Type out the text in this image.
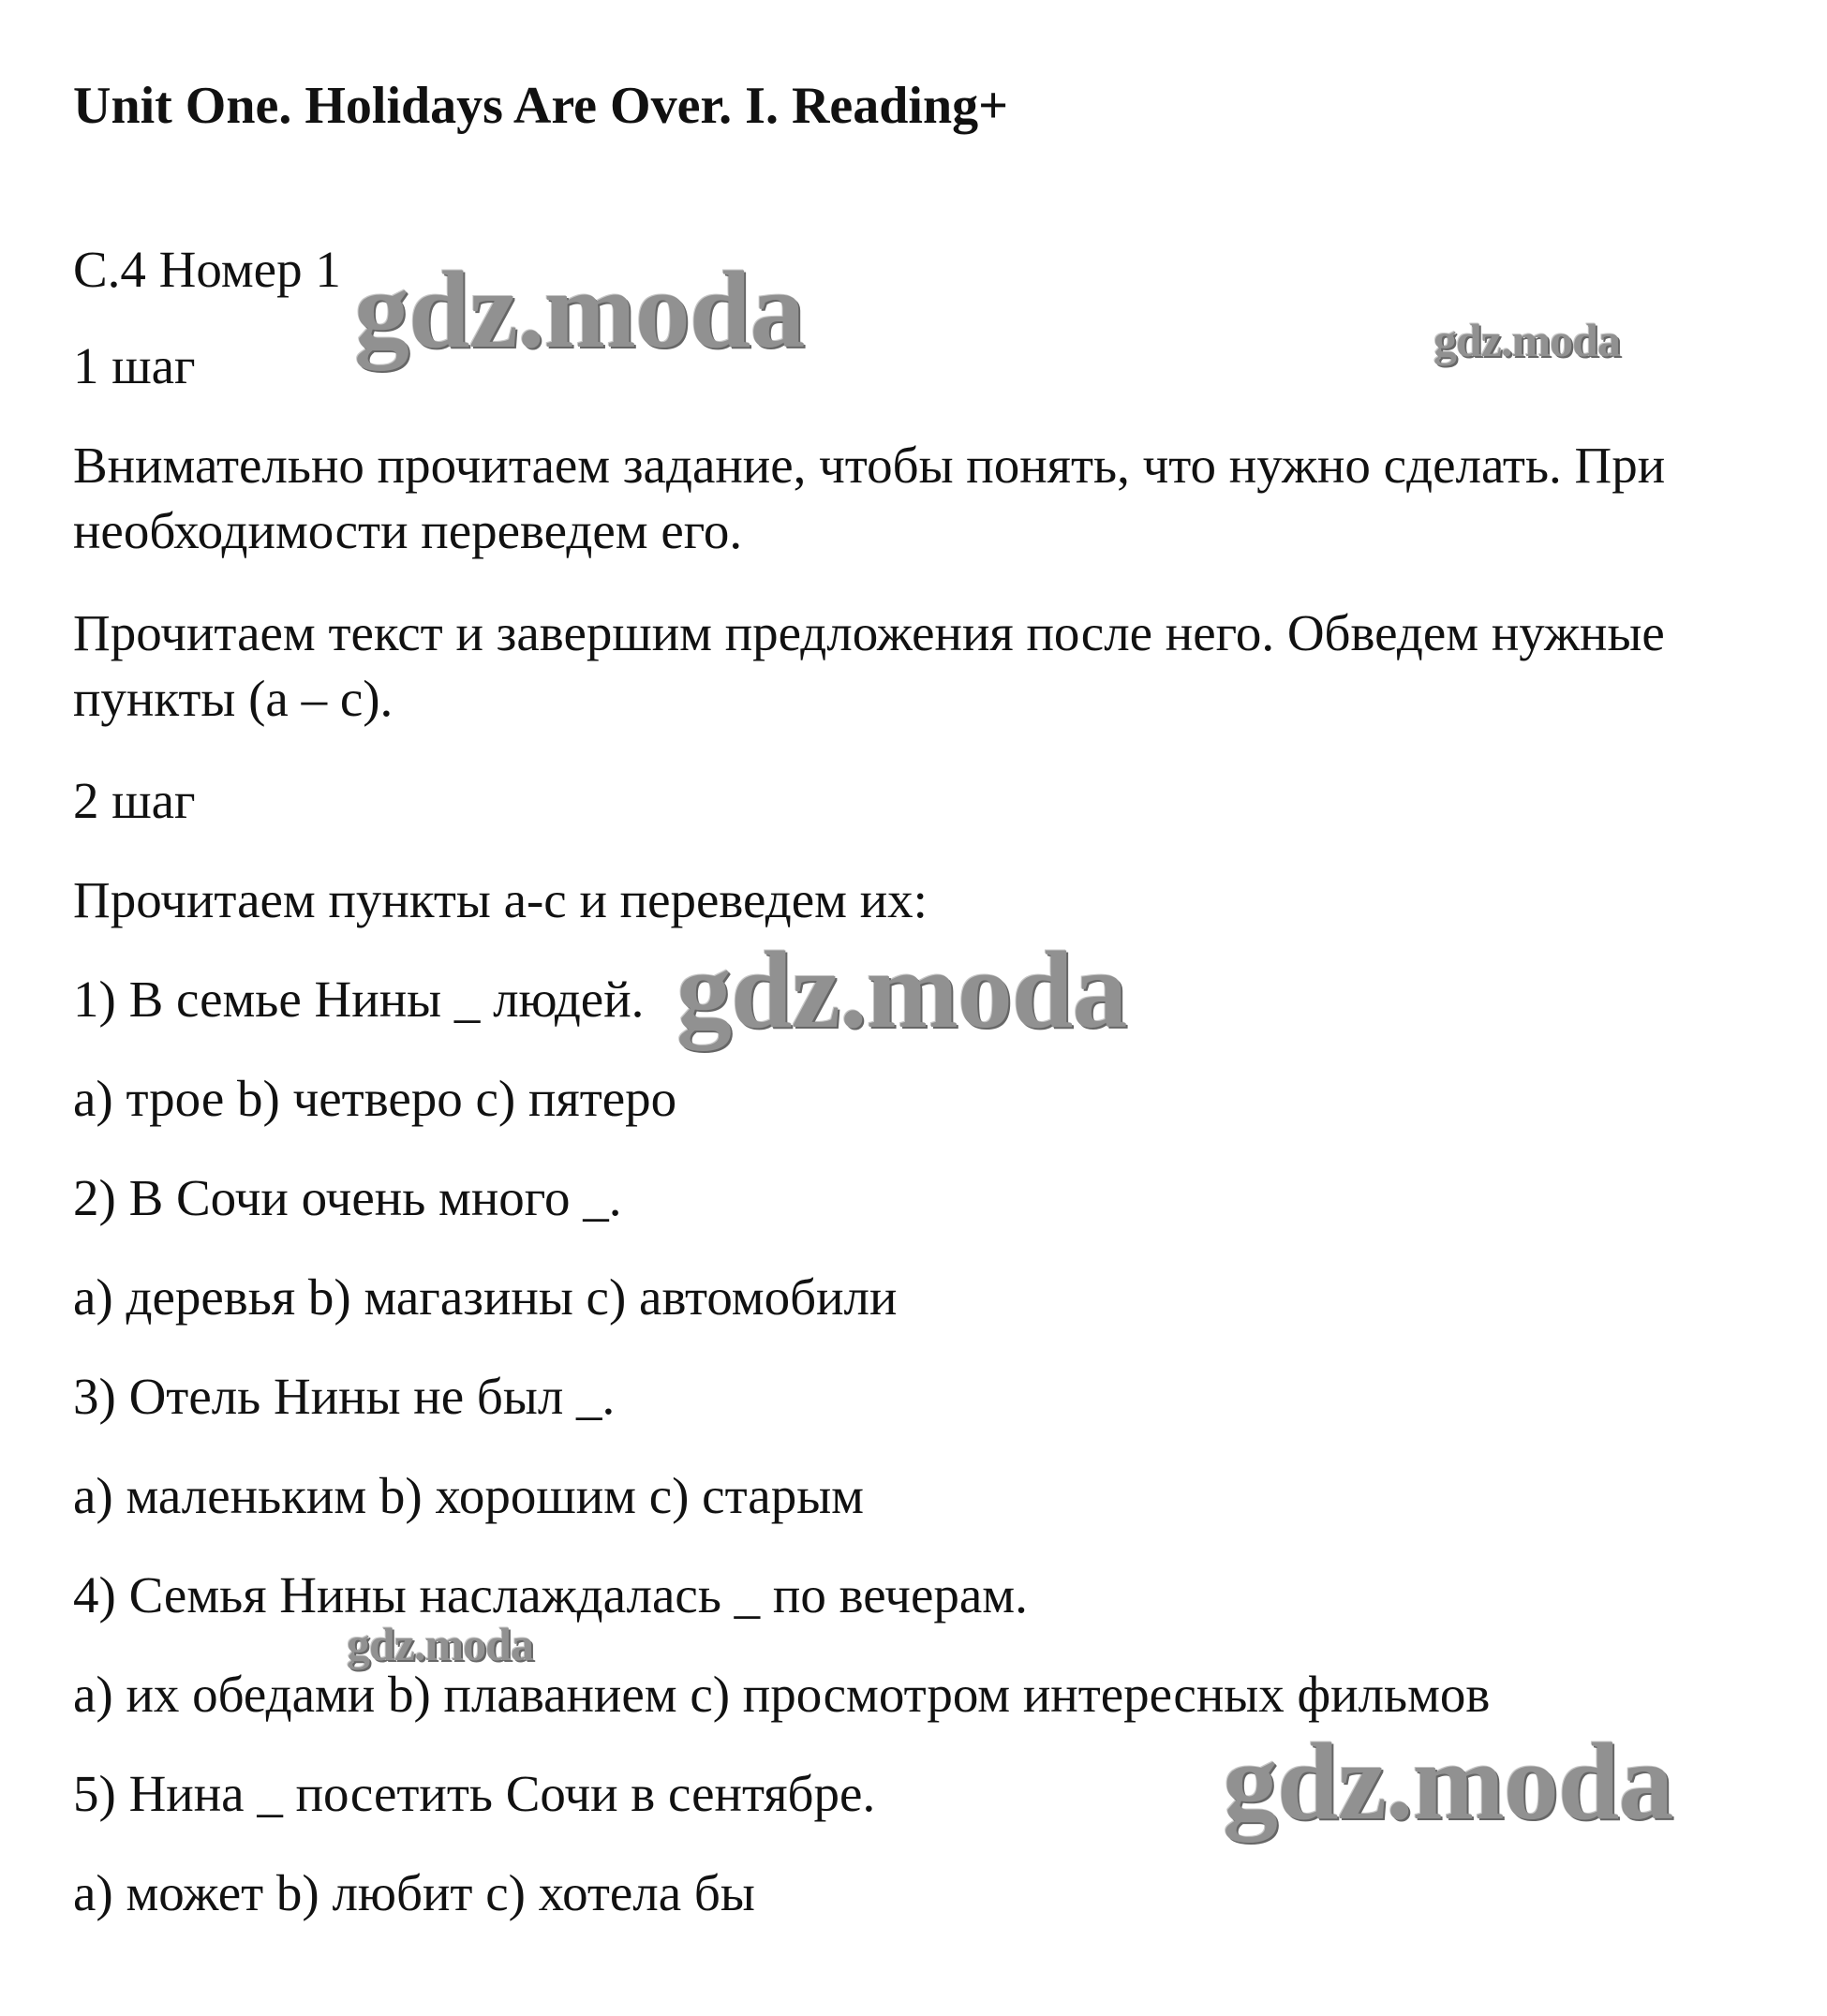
Unit One. Holidays Are Over. I. Reading+

C.4 Номер 1

1 шаг

Внимательно прочитаем задание, чтобы понять, что нужно сделать. При

необходимости переведем его.

Прочитаем текст и завершим предложения после него. Обведем нужные

пункты (a – c).

2 шаг

Прочитаем пункты a-c и переведем их:

1) В семье Нины _ людей.

a) трое b) четверо c) пятеро

2) В Сочи очень много _.

a) деревья b) магазины c) автомобили

3) Отель Нины не был _.

a) маленьким b) хорошим c) старым

4) Семья Нины наслаждалась _ по вечерам.

a) их обедами b) плаванием c) просмотром интересных фильмов

5) Нина _ посетить Сочи в сентябре.

a) может b) любит c) хотела бы

gdz.moda	gdz.moda
gdz.moda
gdz.moda
gdz.moda
